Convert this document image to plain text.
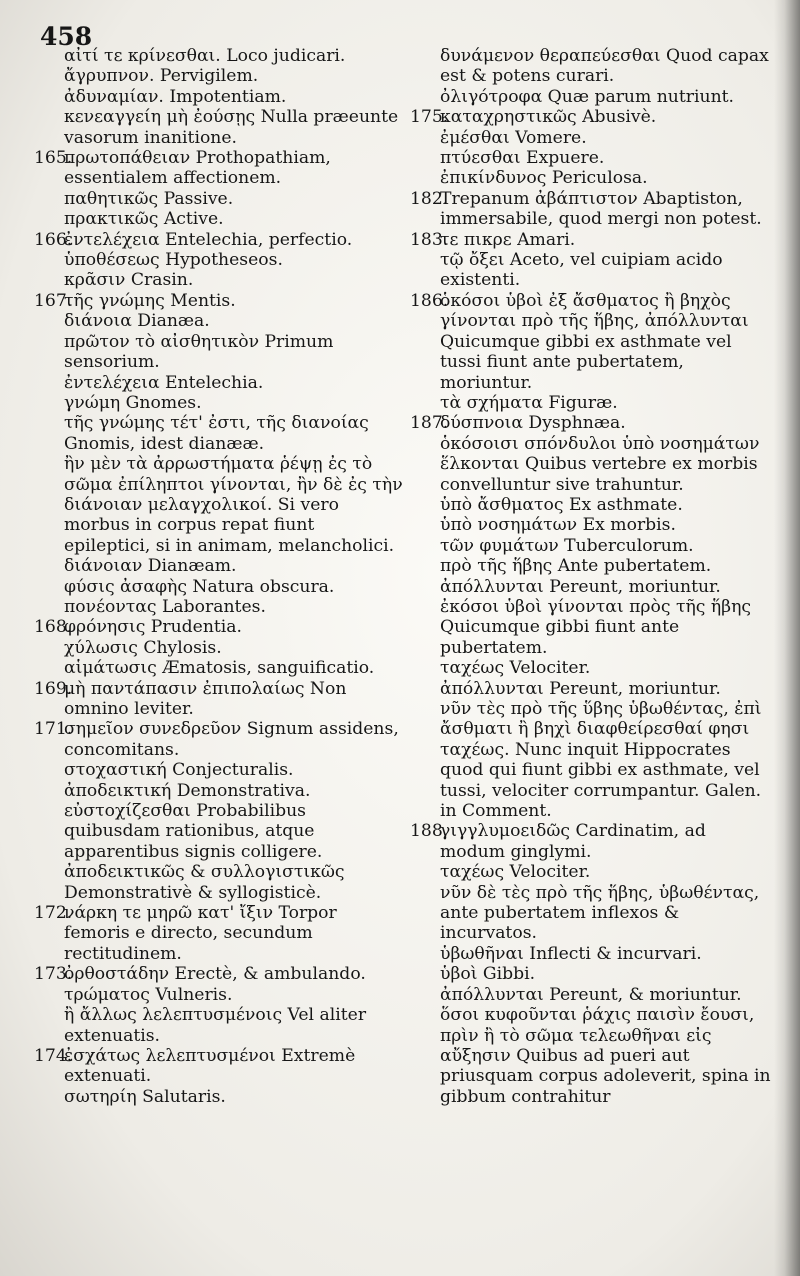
458

αἰτί τε κρίνεσθαι. Loco judicari.

ἄγρυπνον. Pervigilem.

ἀδυναμίαν. Impotentiam.

κενεαγγείη μὴ ἐούσῃς Nulla præeunte vasorum inanitione.

165.
πρωτοπάθειαν Prothopathiam, essentialem affectionem.

παθητικῶς Passive.

πρακτικῶς Active.

166.
ἐντελέχεια Entelechia, perfectio.

ὑποθέσεως Hypotheseos.

κρᾶσιν Crasin.

167.
τῆς γνώμης Mentis.

διάνοια Dianæa.

πρῶτον τὸ αἰσθητικὸν Primum sensorium.

ἐντελέχεια Entelechia.

γνώμη Gnomes.

τῆς γνώμης τέτ' ἐστι, τῆς διανοίας Gnomis, idest dianææ.

ἢν μὲν τὰ ἀρρωστήματα ῥέψῃ ἐς τὸ σῶμα ἐπίληπτοι γίνονται, ἢν δὲ ἐς τὴν διάνοιαν μελαγχολικοί. Si vero morbus in corpus repat fiunt epileptici, si in animam, melancholici.

διάνοιαν Dianæam.

φύσις ἀσαφὴς Natura obscura.

πονέοντας Laborantes.

168.
φρόνησις Prudentia.

χύλωσις Chylosis.

αἱμάτωσις Æmatosis, sanguificatio.

169.
μὴ παντάπασιν ἐπιπολαίως Non omnino leviter.

171.
σημεῖον συνεδρεῦον Signum assidens, concomitans.

στοχαστική Conjecturalis.

ἀποδεικτική Demonstrativa.

εὐστοχίζεσθαι Probabilibus quibusdam rationibus, atque apparentibus signis colligere.

ἀποδεικτικῶς & συλλογιστικῶς Demonstrativè & syllogisticè.

172.
νάρκη τε μηρῶ κατ' ἴξιν Torpor femoris e directo, secundum rectitudinem.

173.
ὀρθοστάδην Erectè, & ambulando.

τρώματος Vulneris.

ἢ ἄλλως λελεπτυσμένοις Vel aliter extenuatis.

174.
ἐσχάτως λελεπτυσμένοι Extremè extenuati.

σωτηρίη Salutaris.

δυνάμενον θεραπεύεσθαι Quod capax est & potens curari.

ὀλιγότροφα Quæ parum nutriunt.

175.
καταχρηστικῶς Abusivè.

ἐμέσθαι Vomere.

πτύεσθαι Expuere.

ἐπικίνδυνος Periculosa.

182.
Trepanum ἀβάπτιστον Abaptiston, immersabile, quod mergi non potest.

183.
τε πικρε Amari.

τῷ ὄξει Aceto, vel cuipiam acido existenti.

186.
ὁκόσοι ὑβοὶ ἐξ ἄσθματος ἢ βηχὸς γίνονται πρὸ τῆς ἥβης, ἀπόλλυνται Quicumque gibbi ex asthmate vel tussi fiunt ante pubertatem, moriuntur.

τὰ σχήματα Figuræ.

187.
δύσπνοια Dysphnæa.

ὁκόσοισι σπόνδυλοι ὑπὸ νοσημάτων ἕλκονται Quibus vertebre ex morbis convelluntur sive trahuntur.

ὑπὸ ἄσθματος Ex asthmate.

ὑπὸ νοσημάτων Ex morbis.

τῶν φυμάτων Tuberculorum.

πρὸ τῆς ἥβης Ante pubertatem.

ἀπόλλυνται Pereunt, moriuntur.

ἐκόσοι ὑβοὶ γίνονται πρὸς τῆς ἥβης Quicumque gibbi fiunt ante pubertatem.

ταχέως Velociter.

ἀπόλλυνται Pereunt, moriuntur.

νῦν τὲς πρὸ τῆς ὕβης ὑβωθέντας, ἐπὶ ἄσθματι ἢ βηχὶ διαφθείρεσθαί φησι ταχέως. Nunc inquit Hippocrates quod qui fiunt gibbi ex asthmate, vel tussi, velociter corrumpantur. Galen. in Comment.

188.
γιγγλυμοειδῶς Cardinatim, ad modum ginglymi.

ταχέως Velociter.

νῦν δὲ τὲς πρὸ τῆς ἥβης, ὑβωθέντας, ante pubertatem inflexos & incurvatos.

ὑβωθῆναι Inflecti & incurvari.

ὑβοὶ Gibbi.

ἀπόλλυνται Pereunt, & moriuntur.

ὅσοι κυφοῦνται ῥάχις παισὶν ἔουσι, πρὶν ἢ τὸ σῶμα τελεωθῆναι εἰς αὔξησιν Quibus ad pueri aut priusquam corpus adoleverit, spina in gibbum contrahitur
